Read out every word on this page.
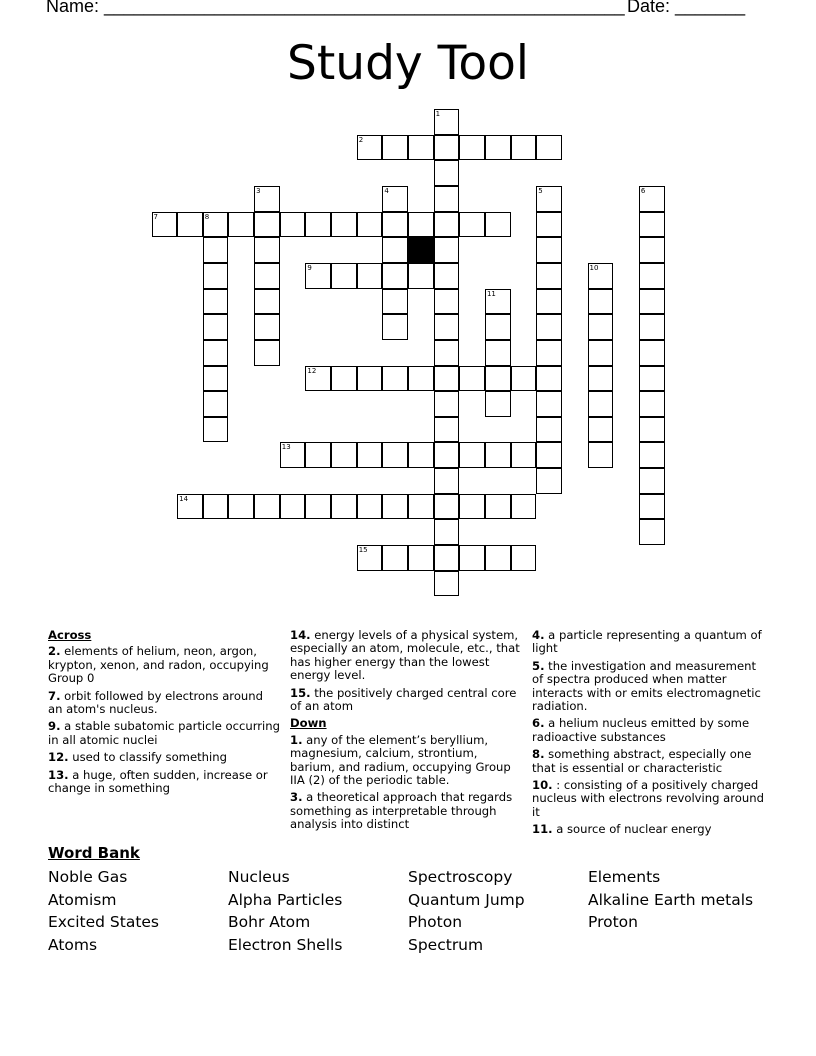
Name: ____________________________________________________ Date: _______
Study Tool
1
2
3	4	5	6
7	8
9	10
11
12
13
14
15
Across
2. elements of helium, neon, argon, krypton, xenon, and radon, occupying Group 0
7. orbit followed by electrons around an atom's nucleus.
9. a stable subatomic particle occurring in all atomic nuclei
12. used to classify something
13. a huge, often sudden, increase or change in something
14. energy levels of a physical system, especially an atom, molecule, etc., that has higher energy than the lowest energy level.
15. the positively charged central core of an atom
Down
1. any of the element’s beryllium, magnesium, calcium, strontium, barium, and radium, occupying Group IIA (2) of the periodic table.
3. a theoretical approach that regards something as interpretable through analysis into distinct
4. a particle representing a quantum of light
5. the investigation and measurement of spectra produced when matter interacts with or emits electromagnetic radiation.
6. a helium nucleus emitted by some radioactive substances
8. something abstract, especially one that is essential or characteristic
10. : consisting of a positively charged nucleus with electrons revolving around it
11. a source of nuclear energy
Word Bank
Noble Gas
Atomism
Excited States
Atoms
Nucleus
Alpha Particles
Bohr Atom
Electron Shells
Spectroscopy
Quantum Jump
Photon
Spectrum
Elements
Alkaline Earth metals
Proton
